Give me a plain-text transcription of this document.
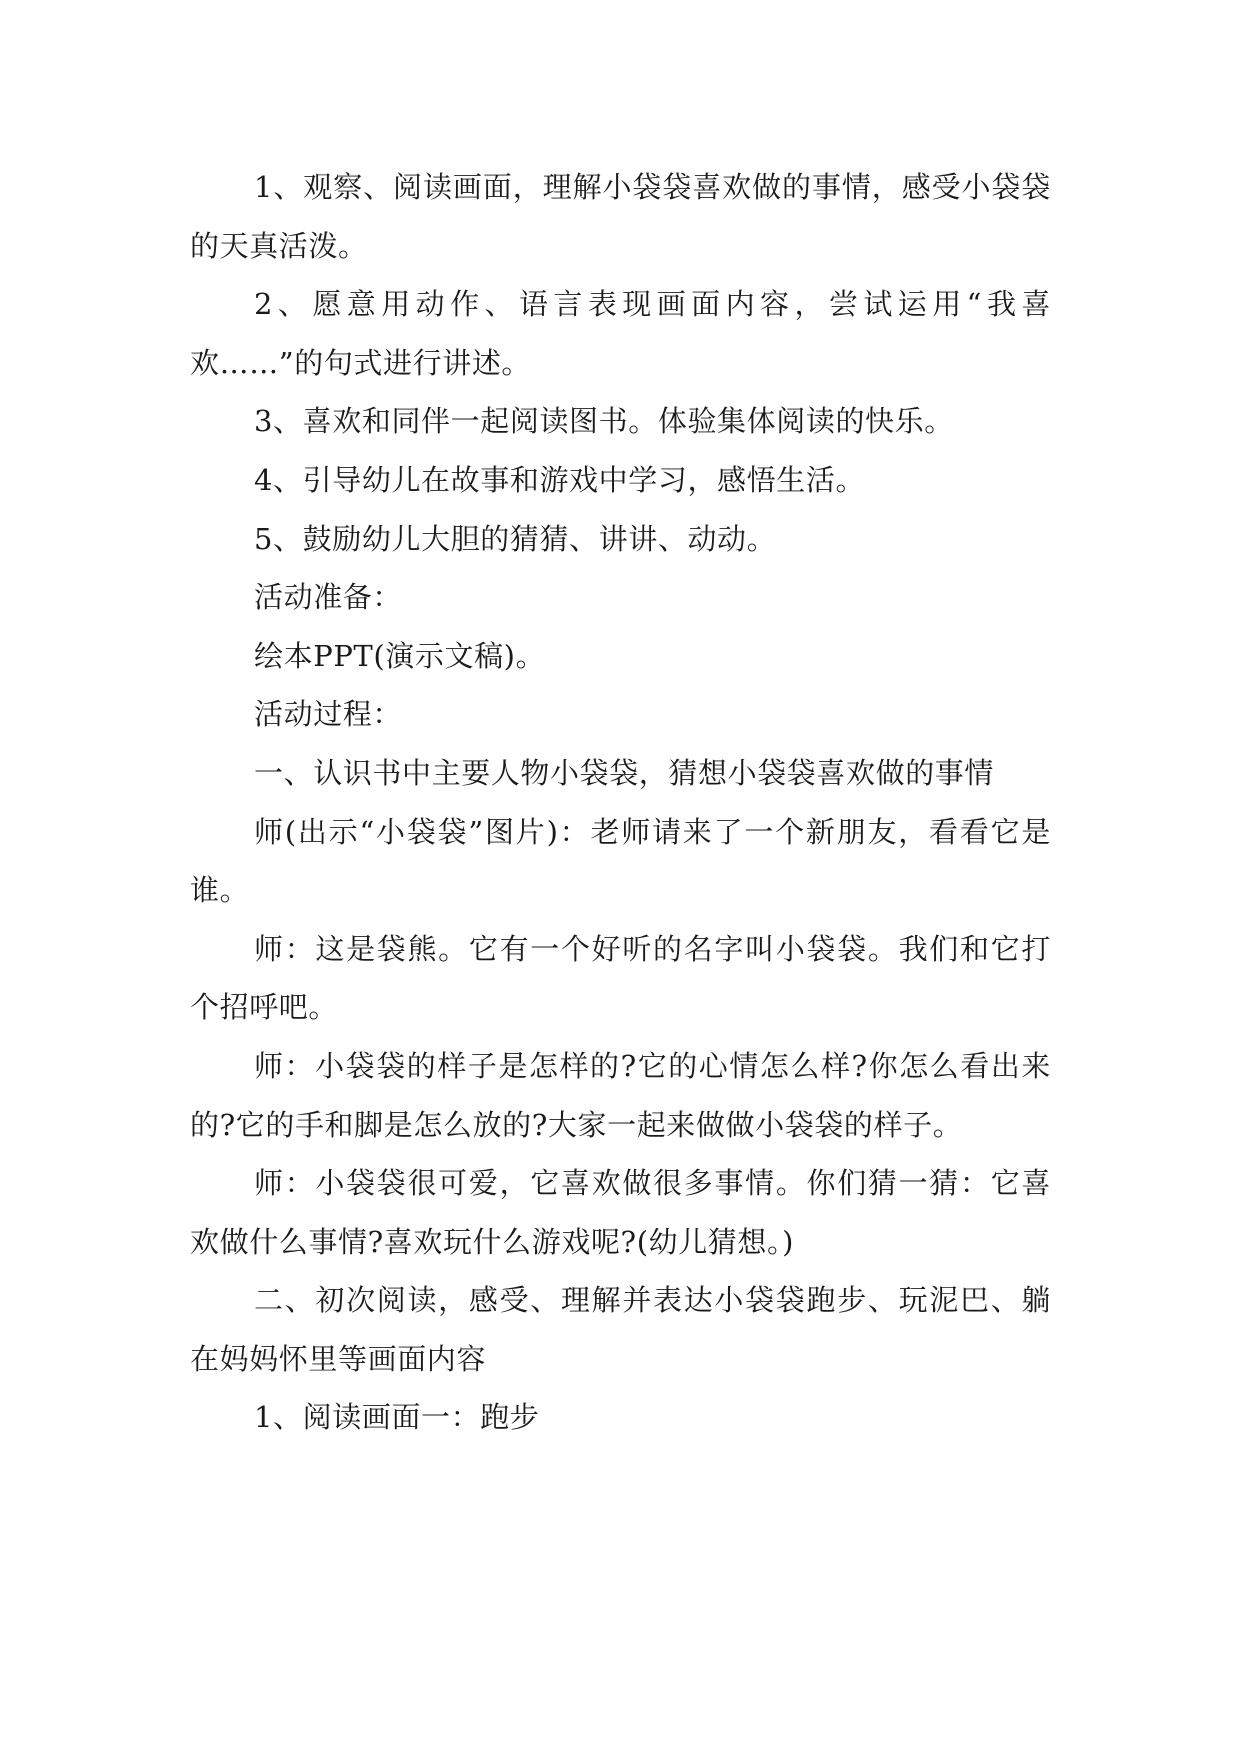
1、观察、阅读画面，理解小袋袋喜欢做的事情，感受小袋袋的天真活泼。

2、愿意用动作、语言表现画面内容，尝试运用“我喜欢……”的句式进行讲述。

3、喜欢和同伴一起阅读图书。体验集体阅读的快乐。

4、引导幼儿在故事和游戏中学习，感悟生活。

5、鼓励幼儿大胆的猜猜、讲讲、动动。

活动准备：

绘本PPT(演示文稿)。

活动过程：

一、认识书中主要人物小袋袋，猜想小袋袋喜欢做的事情

师(出示“小袋袋”图片)：老师请来了一个新朋友，看看它是谁。

师：这是袋熊。它有一个好听的名字叫小袋袋。我们和它打个招呼吧。

师：小袋袋的样子是怎样的?它的心情怎么样?你怎么看出来的?它的手和脚是怎么放的?大家一起来做做小袋袋的样子。

师：小袋袋很可爱，它喜欢做很多事情。你们猜一猜：它喜欢做什么事情?喜欢玩什么游戏呢?(幼儿猜想。)

二、初次阅读，感受、理解并表达小袋袋跑步、玩泥巴、躺在妈妈怀里等画面内容

1、阅读画面一：跑步
